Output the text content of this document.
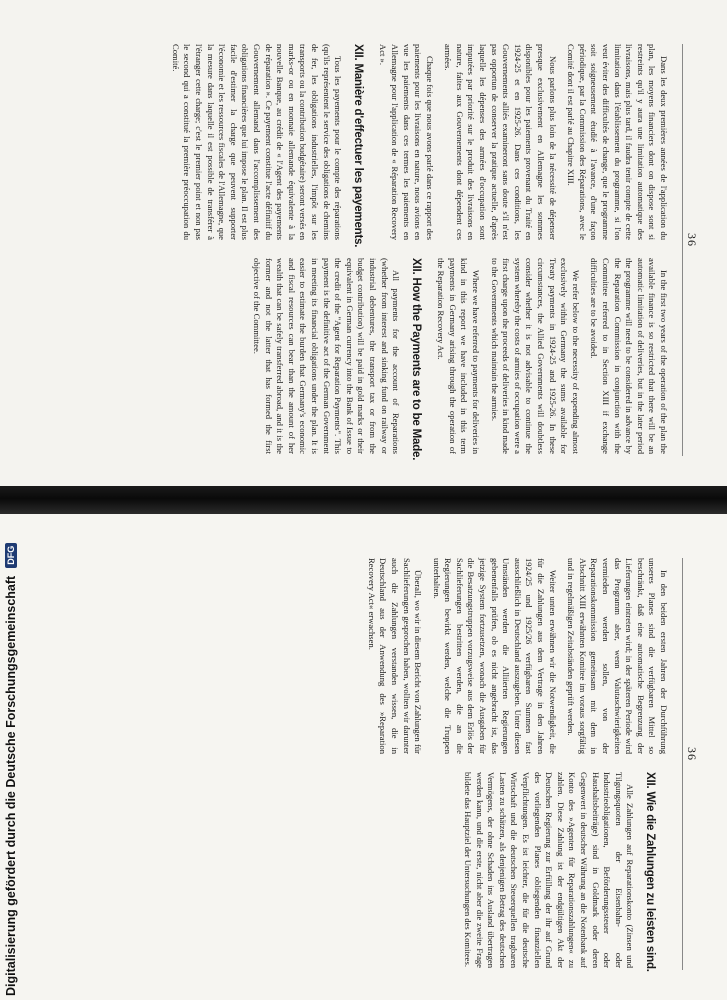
36

Dans les deux premières années de l'application du plan, les moyens financiers dont on dispose sont si restreints qu'il y aura une limitation automatique des livraisons, mais plus tard, il faudra tenir compte de cette limitation dans l'établissement du programme, si l'on veut éviter des difficultés de change, que le programme soit soigneusement étudié à l'avance, d'une façon périodique, par la Commission des Réparations, avec le Comité dont il est parlé au Chapitre XIII.

Nous parlons plus loin de la nécessité de dépenser presque exclusivement en Allemagne les sommes disponibles pour les paiements provenant du Traité en 1924-25 et en 1925-26. Dans ces conditions, les Gouvernements alliés examineront sans doute s'il n'est pas opportun de conserver la pratique actuelle, d'après laquelle les dépenses des armées d'occupation sont imputées par priorité sur le produit des livraisons en nature, faites aux Gouvernements dont dépendent ces armées.

Chaque fois que nous avons parlé dans ce rapport des paiements pour les livraisons en nature, nous avions en vue les paiements dans ces termes les paiements en Allemagne pour l'application de « Réparation Recovery Act ».

XII. Manière d'effectuer les payements.

Tous les payements pour le compte des réparations (qu'ils représentent le service des obligations de chemins de fer, les obligations industrielles, l'impôt sur les transports ou la contribution budgétaire) seront versés en marks-or ou en monnaie allemande équivalente à la nouvelle Banque, au crédit de « l'Agent des payements de réparation ». Ce payement constitue l'acte définitif du Gouvernement allemand dans l'accomplissement des obligations financières que lui impose le plan. Il est plus facile d'estimer la charge que peuvent supporter l'économie et les ressources fiscales de l'Allemagne, que la mesure dans laquelle il est possible de transférer à l'étranger cette charge; c'est le premier point et non pas le second qui a constitué la première préoccupation du Comité.

In the first two years of the operation of the plan the available finance is so restricted that there will be an automatic limitation of deliveries, but in the later period the programme will need to be considered in advance by the Reparation Commission in conjunction with the Committee referred to in Section XIII if exchange difficulties are to be avoided.

We refer below to the necessity of expending almost exclusively within Germany the sums available for Treaty payments in 1924-25 and 1925-26. In these circumstances, the Allied Governments will doubtless consider whether it is not advisable to continue the system whereby the costs of armies of occupation were a first charge upon the proceeds of deliveries in kind made to the Governments which maintain the armies.

Where we have referred to payments for deliveries in kind in this report we have included in this term payments in Germany arising through the operation of the Reparation Recovery Act.

XII. How the Payments are to be Made.

All payments for the account of Reparations (whether from interest and sinking fund on railway or industrial debentures, the transport tax or from the budget contribution) will be paid in gold marks or their equivalent in German currency into the Bank of Issue to the credit of the "Agent for Reparation Payments". This payment is the definitive act of the German Government in meeting its financial obligations under the plan. It is easier to estimate the burden that Germany's economic and fiscal resources can bear than the amount of her wealth that can be safely transferred abroad, and it is the former and not the latter that has formed the first objective of the Committee.

36

In den beiden ersten Jahren der Durchführung unseres Planes sind die verfügbaren Mittel so beschränkt, daß eine automatische Begrenzung der Lieferungen eintreten wird; in der späteren Periode wird das Programm aber, wenn Valutaschwierigkeiten vermieden werden sollen, von der Reparationskommission gemeinsam mit dem in Abschnitt XIII erwähnten Komitee im voraus sorgfältig und in regelmäßigen Zeitabständen geprüft werden.

Weiter unten erwähnen wir die Notwendigkeit, die für die Zahlungen aus dem Vertrage in den Jahren 1924/25 und 1925/26 verfügbaren Summen fast ausschließlich in Deutschland auszugeben. Unter diesen Umständen werden die Alliierten Regierungen gebenenfalls prüfen, ob es nicht angebracht ist, das jetzige System fortzusetzen, wonach die Ausgaben für die Besatzungstruppen vorzugsweise aus dem Erlös der Sachlieferungen bestritten werden, die an die Regierungen bewirkt werden, welche die Truppen unterhalten.

Überall, wo wir in diesem Bericht von Zahlungen für Sachlieferungen gesprochen haben, wollten wir darunter auch die Zahlungen verstanden wissen, die in Deutschland aus der Anwendung des »Reparation Recovery Act« erwachsen.

XII. Wie die Zahlungen zu leisten sind.

Alle Zahlungen auf Reparationskonto (Zinsen und Tilgungsquoten der Eisenbahn- oder Industrieobligationen, Beförderungssteuer oder Haushaltsbeiträge) sind in Goldmark oder deren Gegenwert in deutscher Währung an die Notenbank auf Konto des »Agenten für Reparationszahlungen« zu zahlen. Diese Zahlung ist der endgültigen Akt der Deutschen Regierung zur Erfüllung der ihr auf Grund des vorliegenden Planes obliegenden finanziellen Verpflichtungen. Es ist leichter, die für die deutsche Wirtschaft und die deutschen Steuerquellen tragbaren Lasten zu schätzen, als denjenigen Betrag des deutschen Vermögens, der ohne Schaden ins Ausland übertragen werden kann, und die erste, nicht aber die zweite Frage bildete das Hauptziel der Untersuchungen des Komitees.

Digitalisierung gefördert durch die Deutsche Forschungsgemeinschaft
DFG
